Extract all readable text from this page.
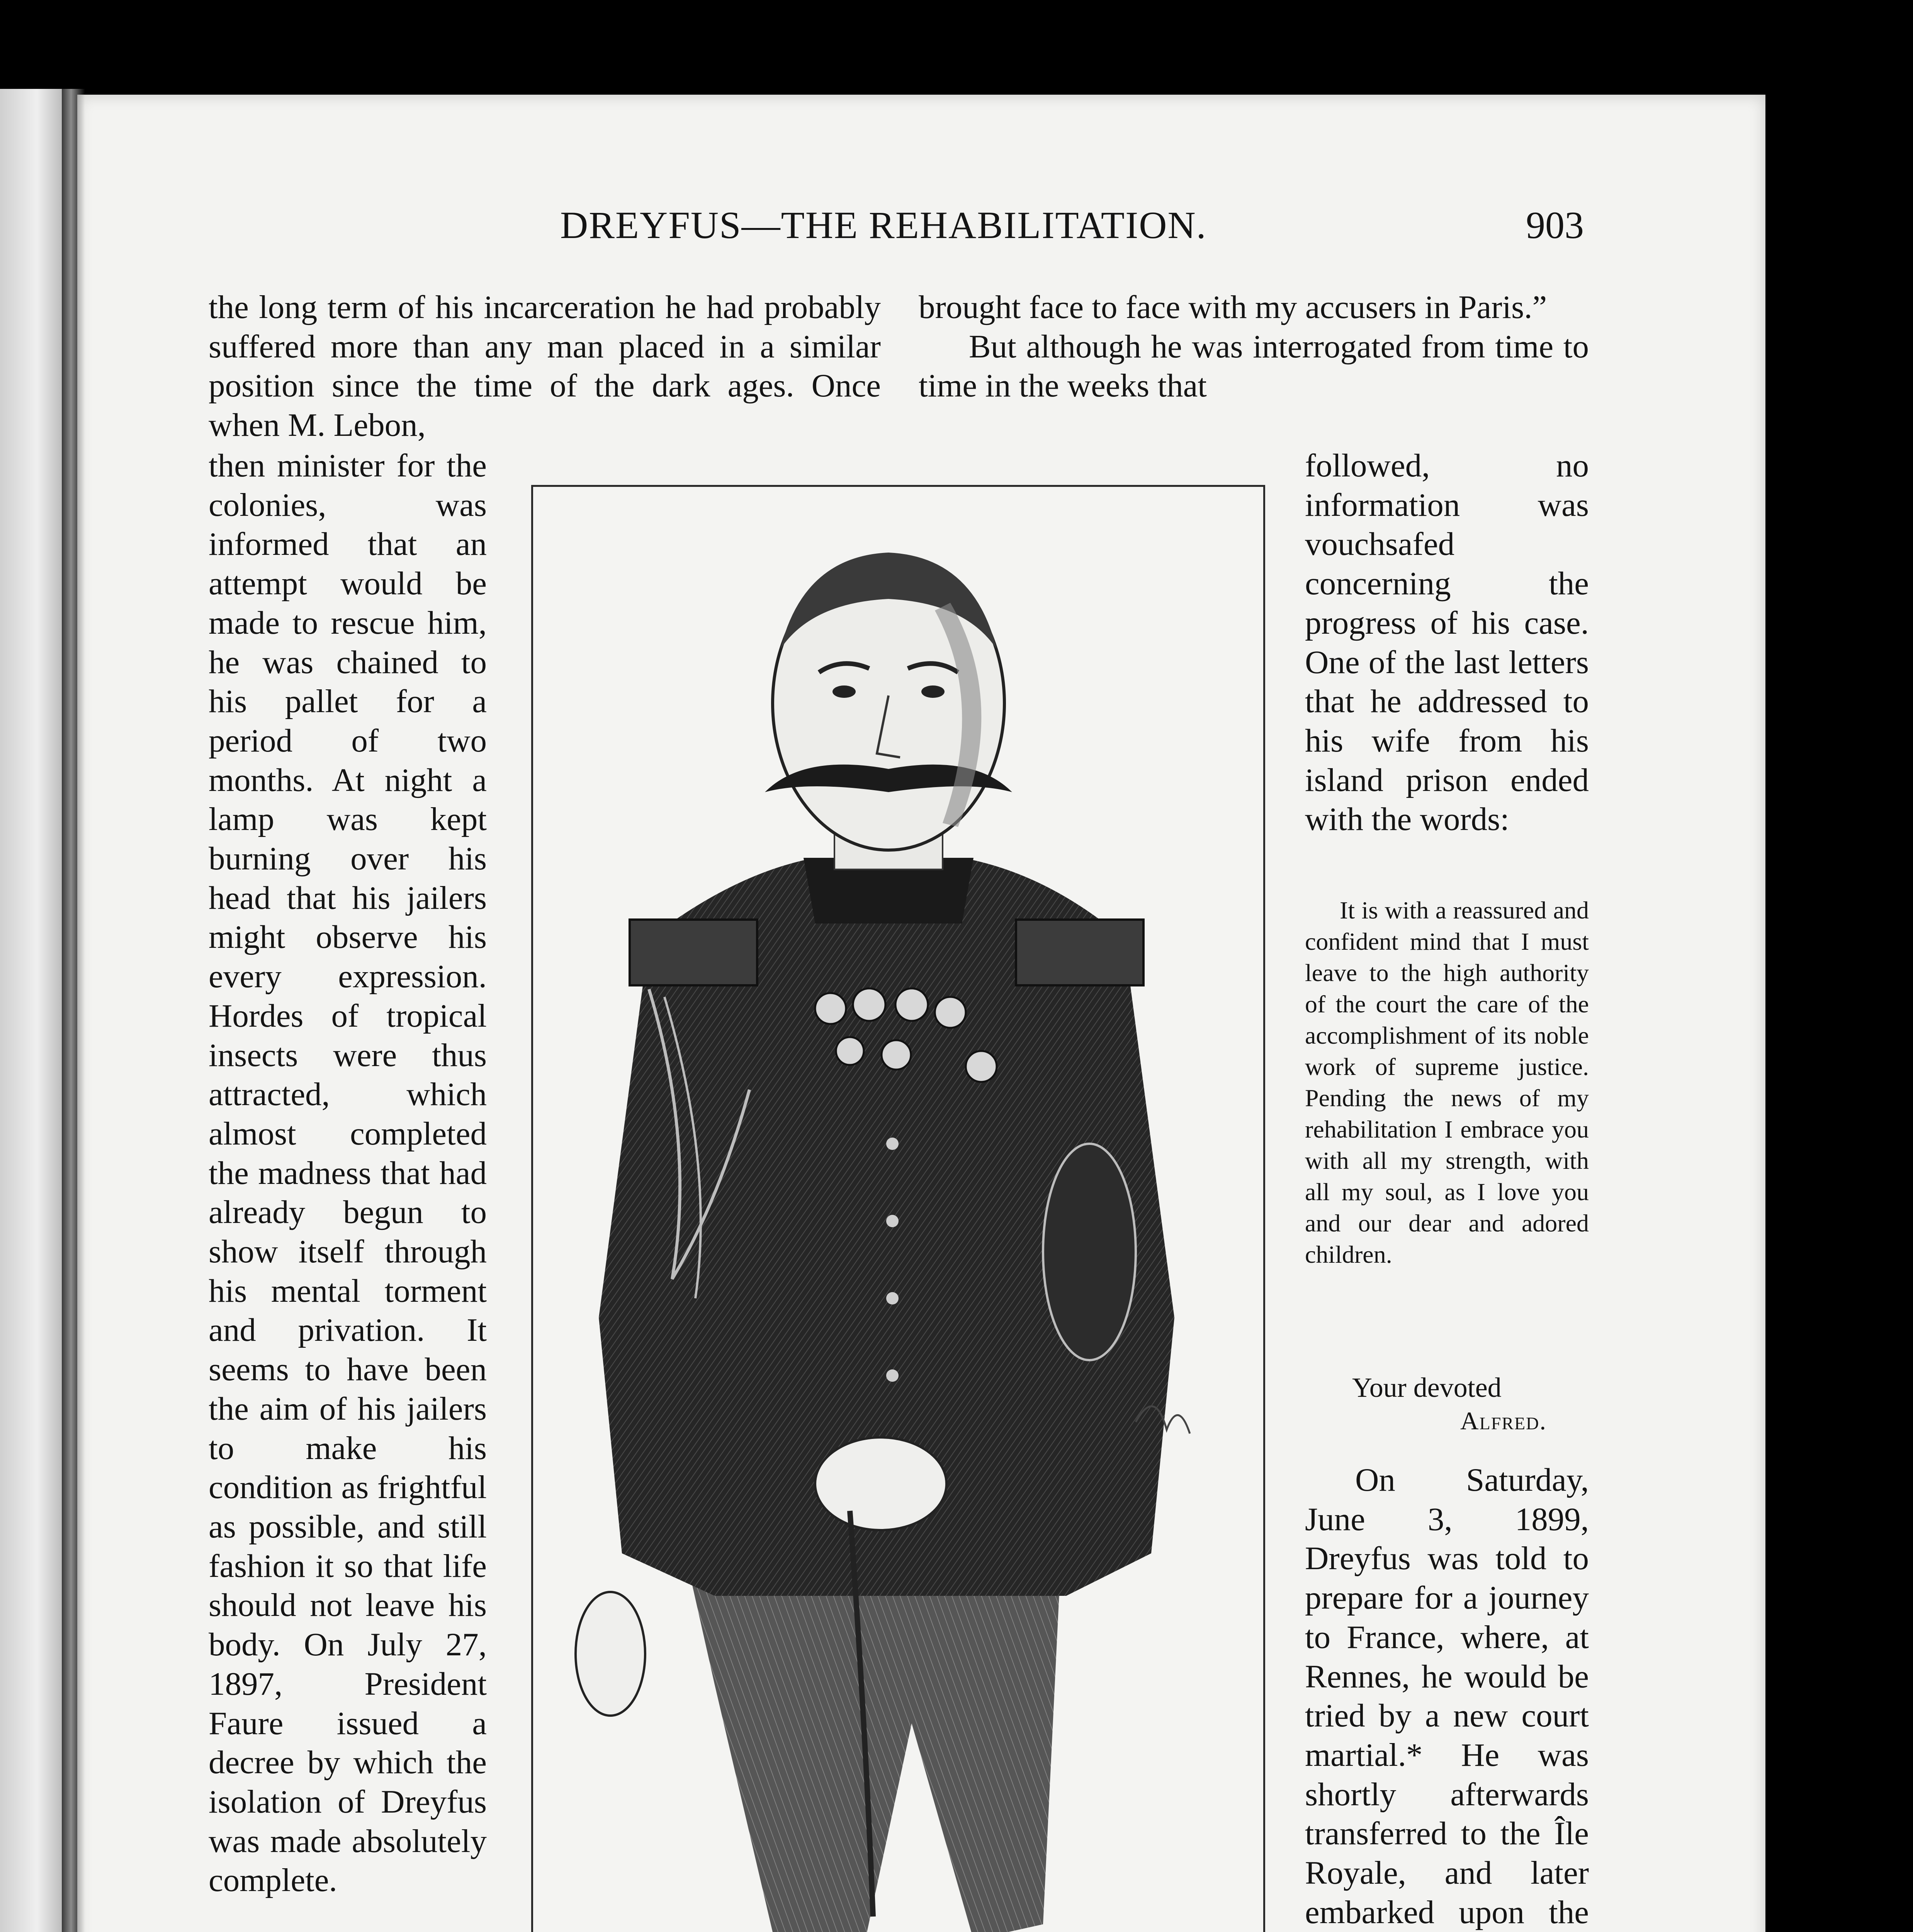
DREYFUS—THE REHABILITATION.	903

the long term of his incarceration he had probably suffered more than any man placed in a similar position since the time of the dark ages. Once when M. Lebon,

then minister for the colonies, was informed that an attempt would be made to rescue him, he was chained to his pallet for a period of two months. At night a lamp was kept burning over his head that his jailers might observe his every expression. Hordes of tropical insects were thus attracted, which almost completed the madness that had already begun to show itself through his mental torment and privation. It seems to have been the aim of his jailers to make his condition as frightful as possible, and still fashion it so that life should not leave his body. On July 27, 1897, President Faure issued a decree by which the isolation of Dreyfus was made absolutely complete.

brought face to face with my accusers in Paris.”
But although he was interrogated from time to time in the weeks that

followed, no information was vouchsafed concerning the progress of his case. One of the last letters that he addressed to his wife from his island prison ended with the words:

It is with a reassured and confident mind that I must leave to the high authority of the court the care of the accomplishment of its noble work of supreme justice. Pending the news of my rehabilitation I embrace you with all my strength, with all my soul, as I love you and our dear and adored children.

Your devoted
Alfred.

On Saturday, June 3, 1899, Dreyfus was told to prepare for a journey to France, where, at Rennes, he would be tried by a new court martial.* He was shortly afterwards transferred to the Île Royale, and later embarked upon the
